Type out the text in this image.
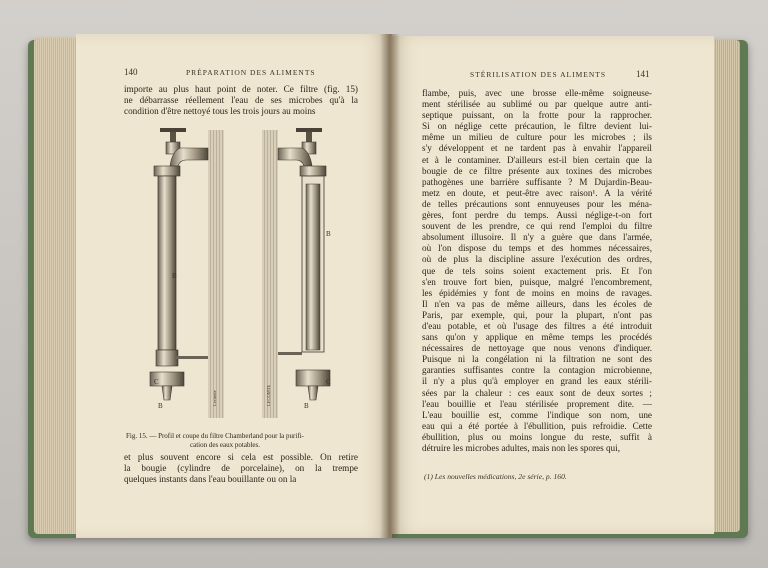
140	PRÉPARATION DES ALIMENTS
importe au plus haut point de noter. Ce filtre (fig. 15)
ne débarrasse réellement l'eau de ses microbes qu'à la
condition d'être nettoyé tous les trois jours au moins
B
C
B
B
C
B
Lecomte	LECOMTE
Fig. 15. — Profil et coupe du filtre Chamberland pour la purifi-
cation des eaux potables.
et plus souvent encore si cela est possible. On retire
la bougie (cylindre de porcelaine), on la trempe
quelques instants dans l'eau bouillante ou on la
STÉRILISATION DES ALIMENTS	141
flambe, puis, avec une brosse elle-même soigneuse-
ment stérilisée au sublimé ou par quelque autre anti-
septique puissant, on la frotte pour la rapprocher.
Si on néglige cette précaution, le filtre devient lui-
même un milieu de culture pour les microbes ; ils
s'y développent et ne tardent pas à envahir l'appareil
et à le contaminer. D'ailleurs est-il bien certain que la
bougie de ce filtre présente aux toxines des microbes
pathogènes une barrière suffisante ? M Dujardin-Beau-
metz en doute, et peut-être avec raison¹. A la vérité
de telles précautions sont ennuyeuses pour les ména-
gères, font perdre du temps. Aussi néglige-t-on fort
souvent de les prendre, ce qui rend l'emploi du filtre
absolument illusoire. Il n'y a guère que dans l'armée,
où l'on dispose du temps et des hommes nécessaires,
où de plus la discipline assure l'exécution des ordres,
que de tels soins soient exactement pris. Et l'on
s'en trouve fort bien, puisque, malgré l'encombrement,
les épidémies y font de moins en moins de ravages.
Il n'en va pas de même ailleurs, dans les écoles de
Paris, par exemple, qui, pour la plupart, n'ont pas
d'eau potable, et où l'usage des filtres a été introduit
sans qu'on y applique en même temps les procédés
nécessaires de nettoyage que nous venons d'indiquer.
Puisque ni la congélation ni la filtration ne sont des
garanties suffisantes contre la contagion microbienne,
il n'y a plus qu'à employer en grand les eaux stérili-
sées par la chaleur : ces eaux sont de deux sortes ;
l'eau bouillie et l'eau stérilisée proprement dite. —
L'eau bouillie est, comme l'indique son nom, une
eau qui a été portée à l'ébullition, puis refroidie. Cette
ébullition, plus ou moins longue du reste, suffit à
détruire les microbes adultes, mais non les spores qui,
(1) Les nouvelles médications, 2e série, p. 160.
